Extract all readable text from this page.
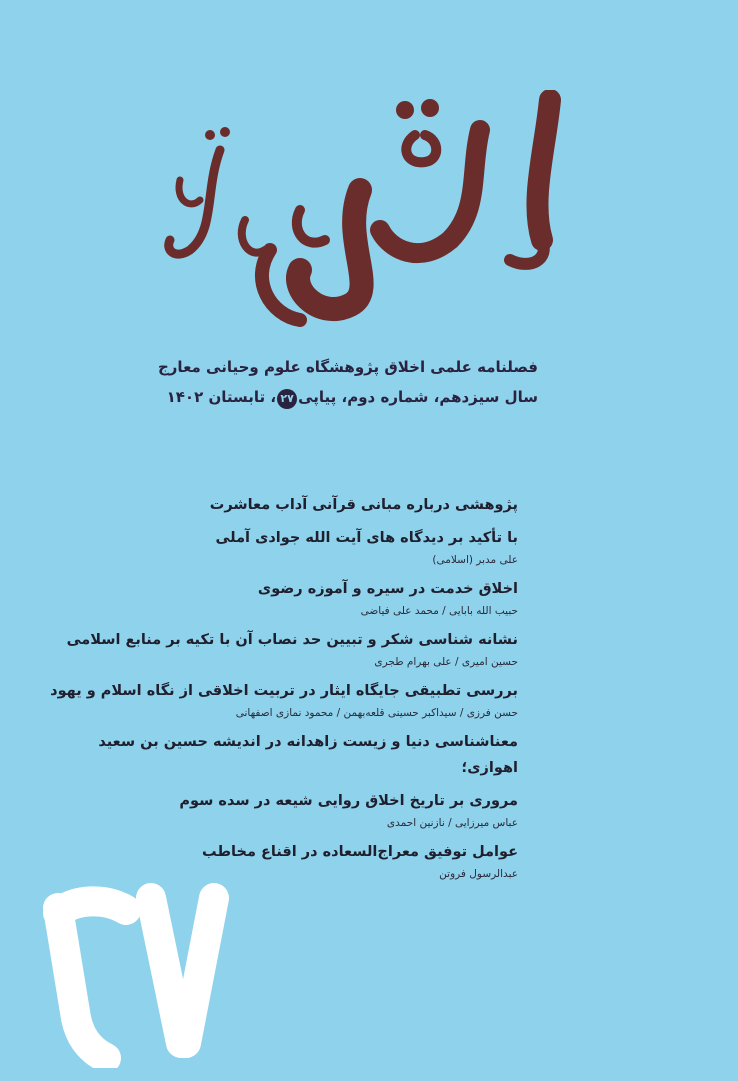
فصلنامه علمی اخلاق پژوهشگاه علوم وحیانی معارج

سال سیزدهم، شماره دوم، پیاپی۲۷، تابستان ۱۴۰۲

پژوهشی درباره مبانی قرآنی آداب معاشرت

با تأکید بر دیدگاه های آیت الله جوادی آملی

علی مدبر (اسلامی)

اخلاق خدمت در سیره و آموزه رضوی

حبیب الله بابایی / محمد علی فیاضی

نشانه شناسی شکر و تبیین حد نصاب آن با تکیه بر منابع اسلامی

حسین امیری / علی بهرام طجری

بررسی تطبیقی جایگاه ایثار در تربیت اخلاقی از نگاه اسلام و یهود

حسن فرزی / سیداکبر حسینی قلعه‌بهمن / محمود نمازی اصفهانی

معناشناسی دنیا و زیست زاهدانه در اندیشه حسین بن سعید اهوازی؛

مروری بر تاریخ اخلاق روایی شیعه در سده سوم

عباس میرزایی / نازنین احمدی

عوامل توفیق معراج‌السعاده در اقناع مخاطب

عبدالرسول فروتن
